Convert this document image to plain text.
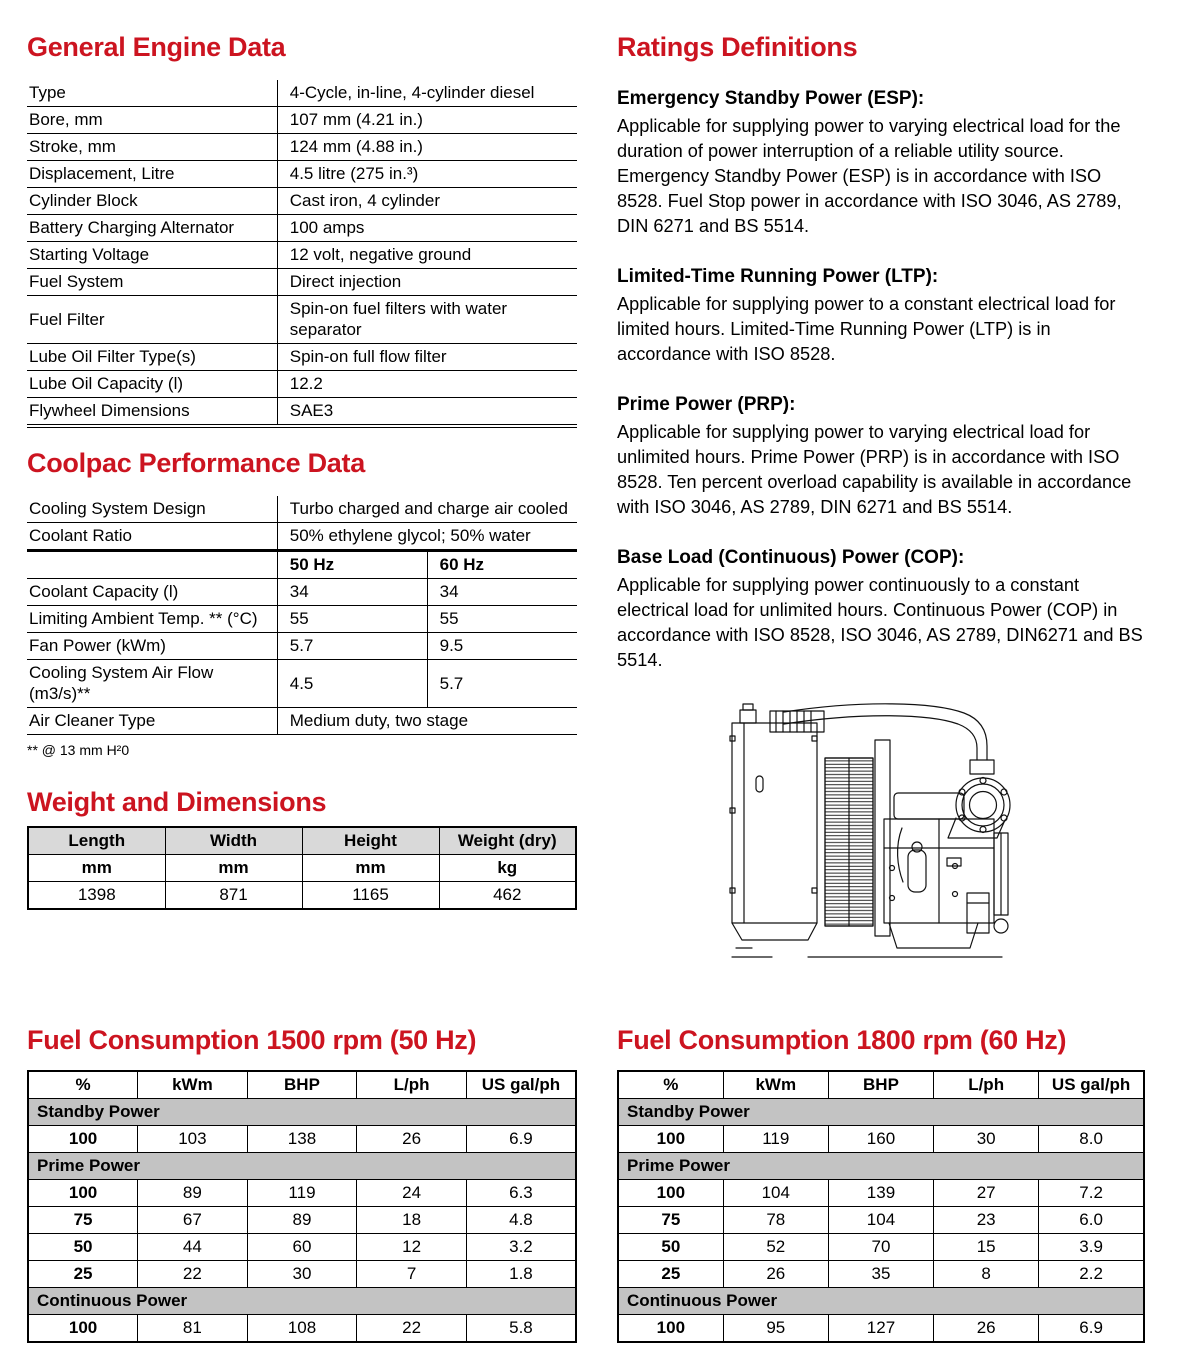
General Engine Data
Type	4-Cycle, in-line, 4-cylinder diesel
Bore, mm	107 mm (4.21 in.)
Stroke, mm	124 mm (4.88 in.)
Displacement, Litre	4.5 litre (275 in.³)
Cylinder Block	Cast iron, 4 cylinder
Battery Charging Alternator	100 amps
Starting Voltage	12 volt, negative ground
Fuel System	Direct injection
Fuel Filter	Spin-on fuel filters with water separator
Lube Oil Filter Type(s)	Spin-on full flow filter
Lube Oil Capacity (l)	12.2
Flywheel Dimensions	SAE3
Coolpac Performance Data
Cooling System Design	Turbo charged and charge air cooled	
Coolant Ratio	50% ethylene glycol; 50% water	
	50 Hz	60 Hz
Coolant Capacity (l)	34	34
Limiting Ambient Temp. ** (°C)	55	55
Fan Power (kWm)	5.7	9.5
Cooling System Air Flow (m3/s)**	4.5	5.7
Air Cleaner Type	Medium duty, two stage	

** @ 13 mm H²0

Weight and Dimensions
Length	Width	Height	Weight (dry)
mm	mm	mm	kg
1398	871	1165	462
Ratings Definitions
Emergency Standby Power (ESP):

Applicable for supplying power to varying electrical load for the duration of power interruption of a reliable utility source. Emergency Standby Power (ESP) is in accordance with ISO 8528. Fuel Stop power in accordance with ISO 3046, AS 2789, DIN 6271 and BS 5514.

Limited-Time Running Power (LTP):

Applicable for supplying power to a constant electrical load for limited hours. Limited-Time Running Power (LTP) is in accordance with ISO 8528.

Prime Power (PRP):

Applicable for supplying power to varying electrical load for unlimited hours. Prime Power (PRP) is in accordance with ISO 8528. Ten percent overload capability is available in accordance with ISO 3046, AS 2789, DIN 6271 and BS 5514.

Base Load (Continuous) Power (COP):

Applicable for supplying power continuously to a constant electrical load for unlimited hours. Continuous Power (COP) in accordance with ISO 8528, ISO 3046, AS 2789, DIN6271 and BS 5514.

Fuel Consumption 1500 rpm (50 Hz)
%	kWm	BHP	L/ph	US gal/ph
Standby Power				
100	103	138	26	6.9
Prime Power				
100	89	119	24	6.3
75	67	89	18	4.8
50	44	60	12	3.2
25	22	30	7	1.8
Continuous Power				
100	81	108	22	5.8
Fuel Consumption 1800 rpm (60 Hz)
%	kWm	BHP	L/ph	US gal/ph
Standby Power				
100	119	160	30	8.0
Prime Power				
100	104	139	27	7.2
75	78	104	23	6.0
50	52	70	15	3.9
25	26	35	8	2.2
Continuous Power				
100	95	127	26	6.9
